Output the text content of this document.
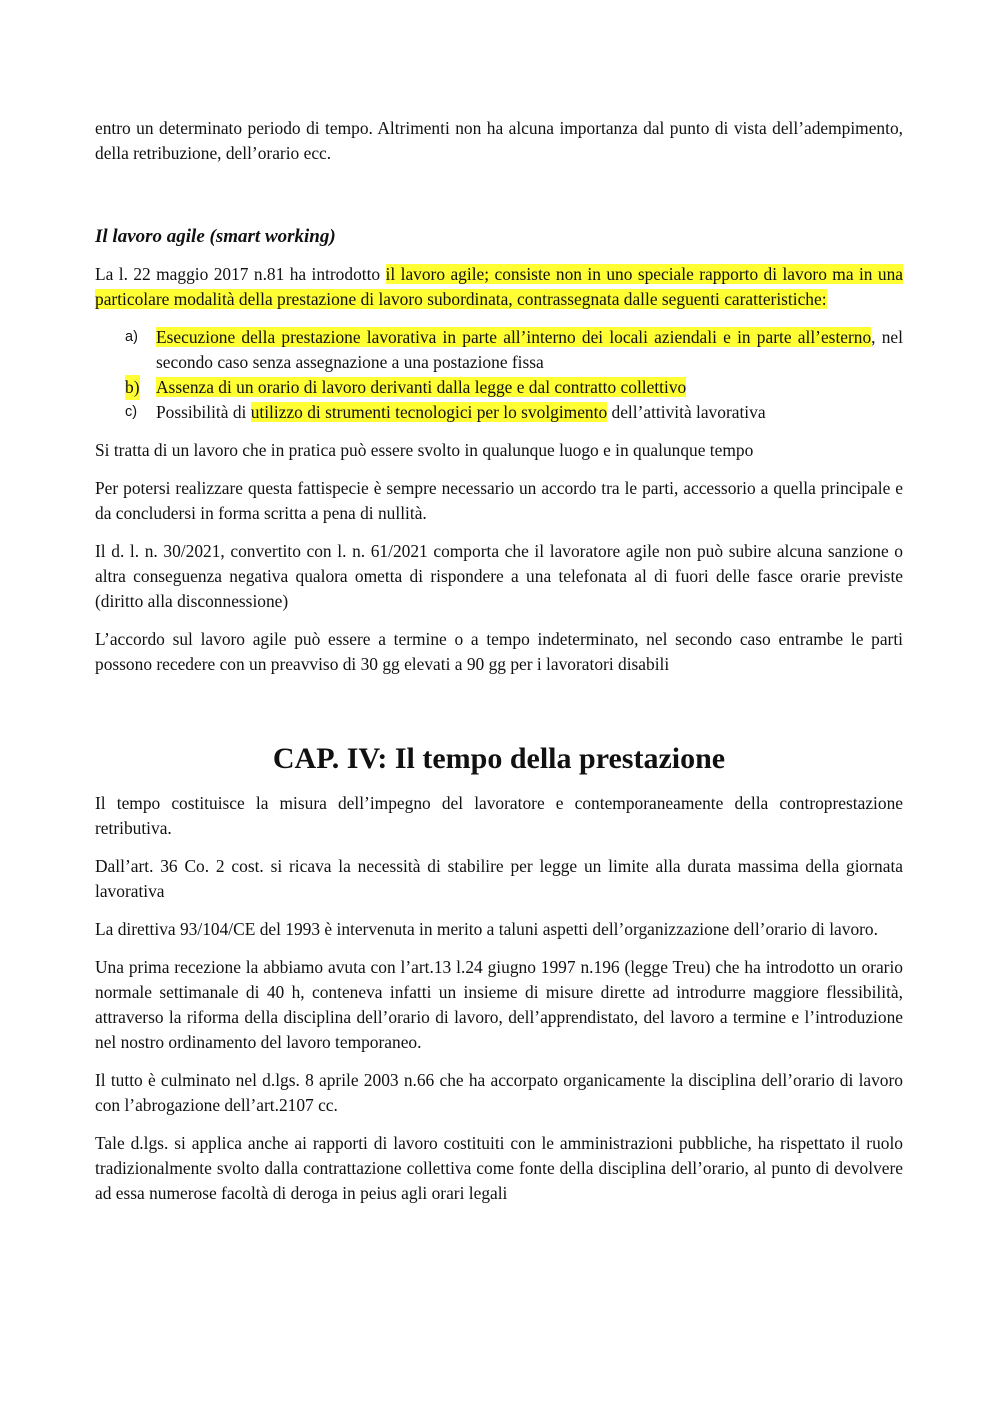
entro un determinato periodo di tempo. Altrimenti non ha alcuna importanza dal punto di vista dell’adempimento, della retribuzione, dell’orario ecc.

Il lavoro agile (smart working)

La l. 22 maggio 2017 n.81 ha introdotto il lavoro agile; consiste non in uno speciale rapporto di lavoro ma in una particolare modalità della prestazione di lavoro subordinata, contrassegnata dalle seguenti caratteristiche:

a) Esecuzione della prestazione lavorativa in parte all’interno dei locali aziendali e in parte all’esterno, nel secondo caso senza assegnazione a una postazione fissa
b) Assenza di un orario di lavoro derivanti dalla legge e dal contratto collettivo
c) Possibilità di utilizzo di strumenti tecnologici per lo svolgimento dell’attività lavorativa

Si tratta di un lavoro che in pratica può essere svolto in qualunque luogo e in qualunque tempo

Per potersi realizzare questa fattispecie è sempre necessario un accordo tra le parti, accessorio a quella principale e da concludersi in forma scritta a pena di nullità.

Il d. l. n. 30/2021, convertito con l. n. 61/2021 comporta che il lavoratore agile non può subire alcuna sanzione o altra conseguenza negativa qualora ometta di rispondere a una telefonata al di fuori delle fasce orarie previste (diritto alla disconnessione)

L’accordo sul lavoro agile può essere a termine o a tempo indeterminato, nel secondo caso entrambe le parti possono recedere con un preavviso di 30 gg elevati a 90 gg per i lavoratori disabili

CAP. IV: Il tempo della prestazione

Il tempo costituisce la misura dell’impegno del lavoratore e contemporaneamente della controprestazione retributiva.

Dall’art. 36 Co. 2 cost. si ricava la necessità di stabilire per legge un limite alla durata massima della giornata lavorativa

La direttiva 93/104/CE del 1993 è intervenuta in merito a taluni aspetti dell’organizzazione dell’orario di lavoro.

Una prima recezione la abbiamo avuta con l’art.13 l.24 giugno 1997 n.196 (legge Treu) che ha introdotto un orario normale settimanale di 40 h, conteneva infatti un insieme di misure dirette ad introdurre maggiore flessibilità, attraverso la riforma della disciplina dell’orario di lavoro, dell’apprendistato, del lavoro a termine e l’introduzione nel nostro ordinamento del lavoro temporaneo.

Il tutto è culminato nel d.lgs. 8 aprile 2003 n.66 che ha accorpato organicamente la disciplina dell’orario di lavoro con l’abrogazione dell’art.2107 cc.

Tale d.lgs. si applica anche ai rapporti di lavoro costituiti con le amministrazioni pubbliche, ha rispettato il ruolo tradizionalmente svolto dalla contrattazione collettiva come fonte della disciplina dell’orario, al punto di devolvere ad essa numerose facoltà di deroga in peius agli orari legali
